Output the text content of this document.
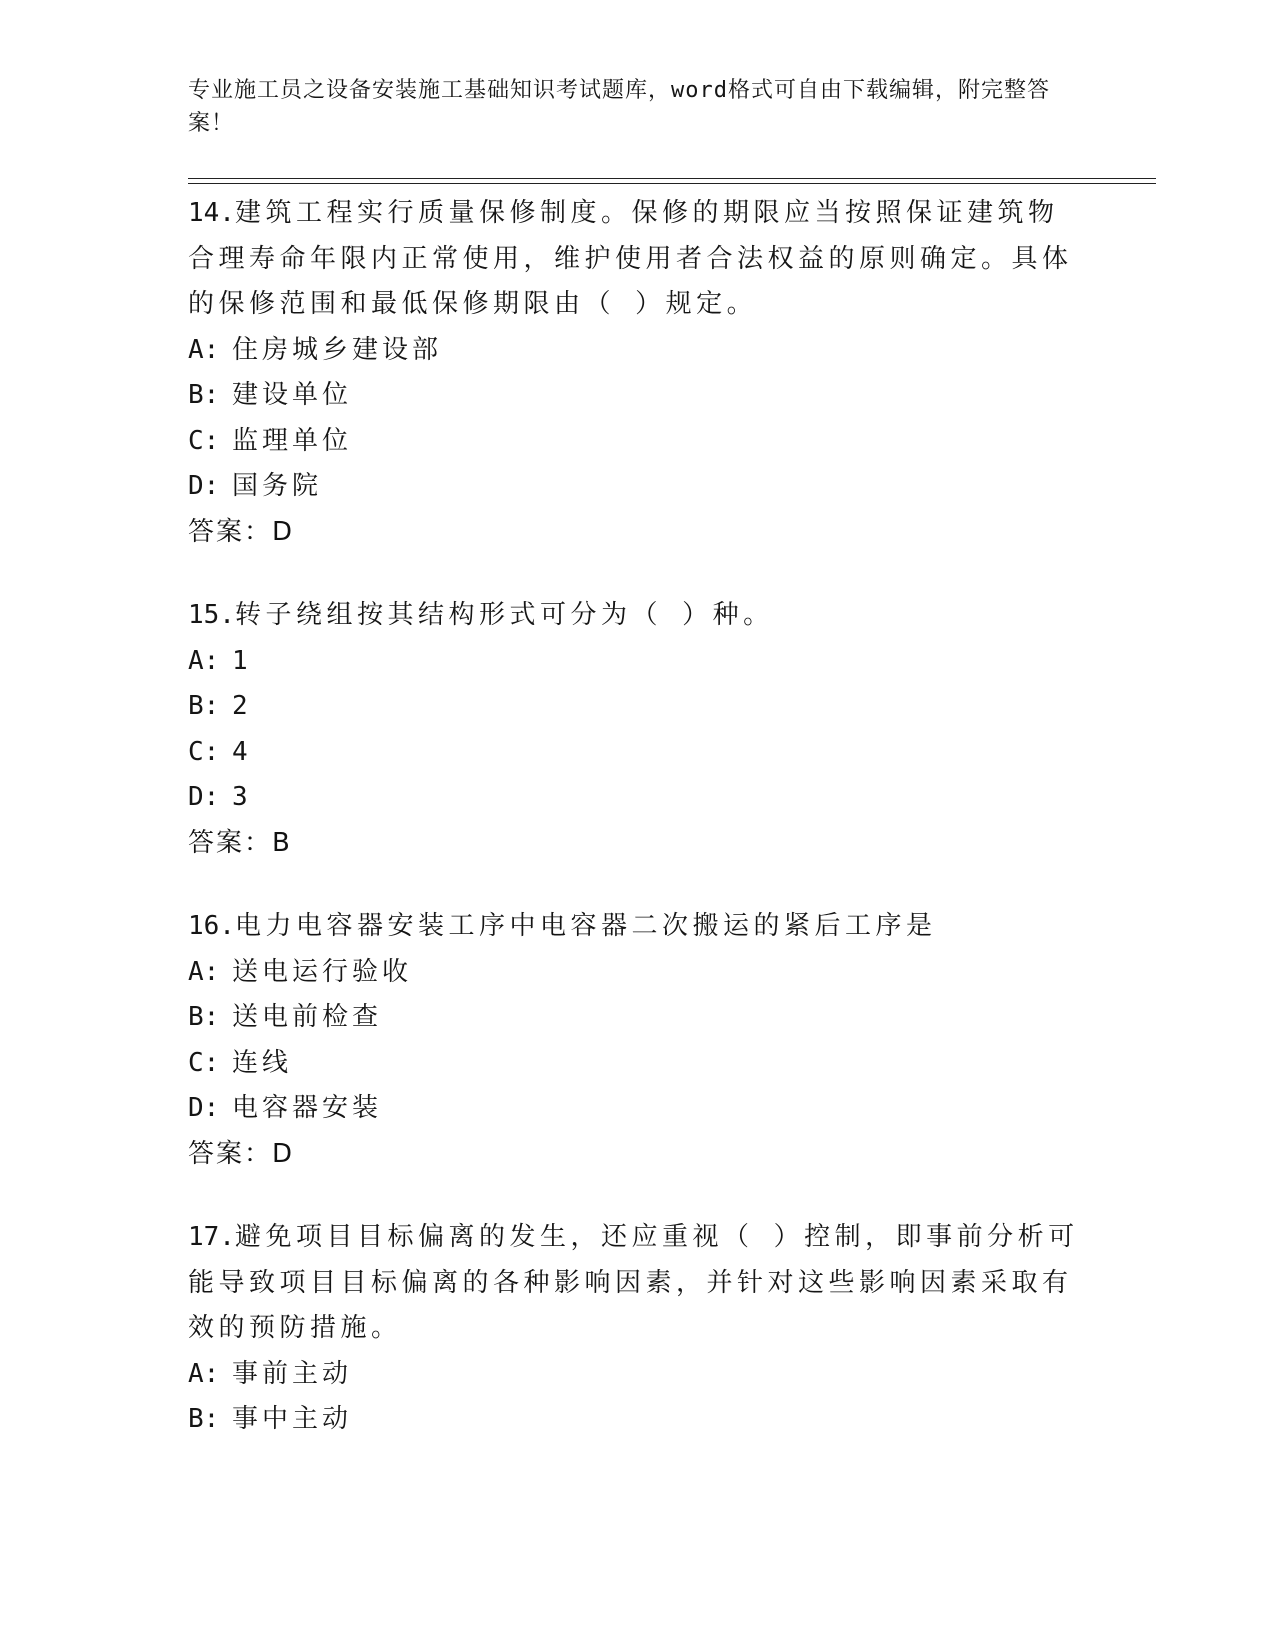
专业施工员之设备安装施工基础知识考试题库，word格式可自由下载编辑，附完整答案！

14.建筑工程实行质量保修制度。保修的期限应当按照保证建筑物合理寿命年限内正常使用，维护使用者合法权益的原则确定。具体的保修范围和最低保修期限由（ ）规定。

A: 住房城乡建设部

B: 建设单位

C: 监理单位

D: 国务院

答案：D

15.转子绕组按其结构形式可分为（ ）种。

A: 1

B: 2

C: 4

D: 3

答案：B

16.电力电容器安装工序中电容器二次搬运的紧后工序是

A: 送电运行验收

B: 送电前检查

C: 连线

D: 电容器安装

答案：D

17.避免项目目标偏离的发生，还应重视（ ）控制，即事前分析可能导致项目目标偏离的各种影响因素，并针对这些影响因素采取有效的预防措施。

A: 事前主动

B: 事中主动
